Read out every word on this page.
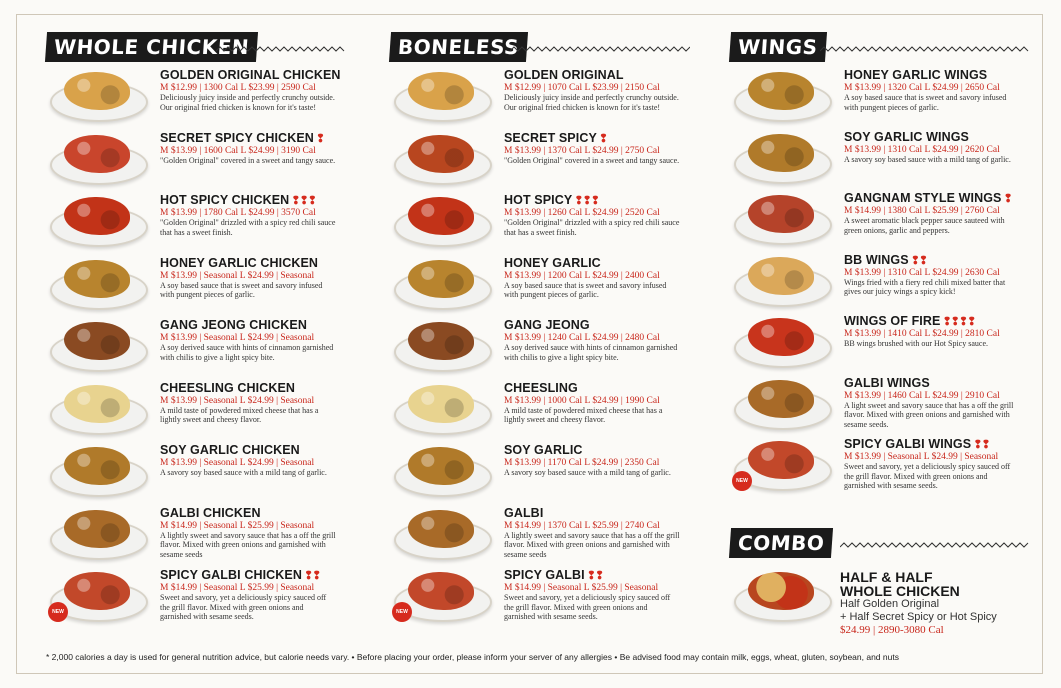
WHOLE CHICKEN
GOLDEN ORIGINAL CHICKEN
M $12.99 | 1300 Cal L $23.99 | 2590 Cal
Deliciously juicy inside and perfectly crunchy outside. Our original fried chicken is known for it's taste!
SECRET SPICY CHICKEN ❢
M $13.99 | 1600 Cal L $24.99 | 3190 Cal
"Golden Original" covered in a sweet and tangy sauce.
HOT SPICY CHICKEN ❢❢❢
M $13.99 | 1780 Cal L $24.99 | 3570 Cal
"Golden Original" drizzled with a spicy red chili sauce that has a sweet finish.
HONEY GARLIC CHICKEN
M $13.99 | Seasonal L $24.99 | Seasonal
A soy based sauce that is sweet and savory infused with pungent pieces of garlic.
GANG JEONG CHICKEN
M $13.99 | Seasonal L $24.99 | Seasonal
A soy derived sauce with hints of cinnamon garnished with chilis to give a light spicy bite.
CHEESLING CHICKEN
M $13.99 | Seasonal L $24.99 | Seasonal
A mild taste of powdered mixed cheese that has a lightly sweet and cheesy flavor.
SOY GARLIC CHICKEN
M $13.99 | Seasonal L $24.99 | Seasonal
A savory soy based sauce with a mild tang of garlic.
GALBI CHICKEN
M $14.99 | Seasonal L $25.99 | Seasonal
A lightly sweet and savory sauce that has a off the grill flavor. Mixed with green onions and garnished with sesame seeds
NEW
SPICY GALBI CHICKEN ❢❢
M $14.99 | Seasonal L $25.99 | Seasonal
Sweet and savory, yet a deliciously spicy sauced off the grill flavor. Mixed with green onions and garnished with sesame seeds.
BONELESS
GOLDEN ORIGINAL
M $12.99 | 1070 Cal L $23.99 | 2150 Cal
Deliciously juicy inside and perfectly crunchy outside. Our original fried chicken is known for it's taste!
SECRET SPICY ❢
M $13.99 | 1370 Cal L $24.99 | 2750 Cal
"Golden Original" covered in a sweet and tangy sauce.
HOT SPICY ❢❢❢
M $13.99 | 1260 Cal L $24.99 | 2520 Cal
"Golden Original" drizzled with a spicy red chili sauce that has a sweet finish.
HONEY GARLIC
M $13.99 | 1200 Cal L $24.99 | 2400 Cal
A soy based sauce that is sweet and savory infused with pungent pieces of garlic.
GANG JEONG
M $13.99 | 1240 Cal L $24.99 | 2480 Cal
A soy derived sauce with hints of cinnamon garnished with chilis to give a light spicy bite.
CHEESLING
M $13.99 | 1000 Cal L $24.99 | 1990 Cal
A mild taste of powdered mixed cheese that has a lightly sweet and cheesy flavor.
SOY GARLIC
M $13.99 | 1170 Cal L $24.99 | 2350 Cal
A savory soy based sauce with a mild tang of garlic.
GALBI
M $14.99 | 1370 Cal L $25.99 | 2740 Cal
A lightly sweet and savory sauce that has a off the grill flavor. Mixed with green onions and garnished with sesame seeds
NEW
SPICY GALBI ❢❢
M $14.99 | Seasonal L $25.99 | Seasonal
Sweet and savory, yet a deliciously spicy sauced off the grill flavor. Mixed with green onions and garnished with sesame seeds.
WINGS
HONEY GARLIC WINGS
M $13.99 | 1320 Cal L $24.99 | 2650 Cal
A soy based sauce that is sweet and savory infused with pungent pieces of garlic.
SOY GARLIC WINGS
M $13.99 | 1310 Cal L $24.99 | 2620 Cal
A savory soy based sauce with a mild tang of garlic.
GANGNAM STYLE WINGS ❢
M $14.99 | 1380 Cal L $25.99 | 2760 Cal
A sweet aromatic black pepper sauce sauteed with green onions, garlic and peppers.
BB WINGS ❢❢
M $13.99 | 1310 Cal L $24.99 | 2630 Cal
Wings fried with a fiery red chili mixed batter that gives our juicy wings a spicy kick!
WINGS OF FIRE ❢❢❢❢
M $13.99 | 1410 Cal L $24.99 | 2810 Cal
BB wings brushed with our Hot Spicy sauce.
GALBI WINGS
M $13.99 | 1460 Cal L $24.99 | 2910 Cal
A light sweet and savory sauce that has a off the grill flavor. Mixed with green onions and garnished with sesame seeds.
NEW
SPICY GALBI WINGS ❢❢
M $13.99 | Seasonal L $24.99 | Seasonal
Sweet and savory, yet a deliciously spicy sauced off the grill flavor. Mixed with green onions and garnished with sesame seeds.
COMBO
HALF & HALF
WHOLE CHICKEN
Half Golden Original
+ Half Secret Spicy or Hot Spicy
$24.99 | 2890-3080 Cal
* 2,000 calories a day is used for general nutrition advice, but calorie needs vary. • Before placing your order, please inform your server of any allergies • Be advised food may contain milk, eggs, wheat, gluten, soybean, and nuts
